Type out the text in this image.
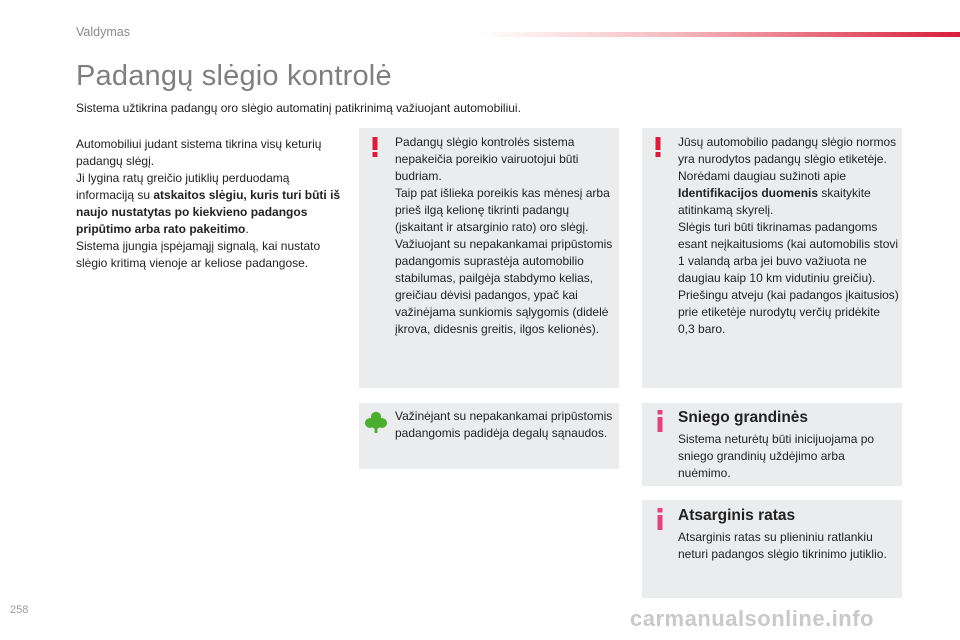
Valdymas
Padangų slėgio kontrolė
Sistema užtikrina padangų oro slėgio automatinį patikrinimą važiuojant automobiliui.
Automobiliui judant sistema tikrina visų keturių padangų slėgį.
Ji lygina ratų greičio jutiklių perduodamą informaciją su atskaitos slėgiu, kuris turi būti iš naujo nustatytas po kiekvieno padangos pripūtimo arba rato pakeitimo.
Sistema įjungia įspėjamąjį signalą, kai nustato slėgio kritimą vienoje ar keliose padangose.
Padangų slėgio kontrolės sistema nepakeičia poreikio vairuotojui būti budriam.
Taip pat išlieka poreikis kas mėnesį arba prieš ilgą kelionę tikrinti padangų (įskaitant ir atsarginio rato) oro slėgį.
Važiuojant su nepakankamai pripūstomis padangomis suprastėja automobilio stabilumas, pailgėja stabdymo kelias, greičiau dėvisi padangos, ypač kai važinėjama sunkiomis sąlygomis (didelė įkrova, didesnis greitis, ilgos kelionės).
Jūsų automobilio padangų slėgio normos yra nurodytos padangų slėgio etiketėje.
Norėdami daugiau sužinoti apie Identifikacijos duomenis skaitykite atitinkamą skyrelį.
Slėgis turi būti tikrinamas padangoms esant neįkaitusioms (kai automobilis stovi 1 valandą arba jei buvo važiuota ne daugiau kaip 10 km vidutiniu greičiu).
Priešingu atveju (kai padangos įkaitusios) prie etiketėje nurodytų verčių pridėkite 0,3 baro.
Važinėjant su nepakankamai pripūstomis padangomis padidėja degalų sąnaudos.
Sniego grandinės
Sistema neturėtų būti inicijuojama po sniego grandinių uždėjimo arba nuėmimo.
Atsarginis ratas
Atsarginis ratas su plieniniu ratlankiu neturi padangos slėgio tikrinimo jutiklio.
258	carmanualsonline.info
